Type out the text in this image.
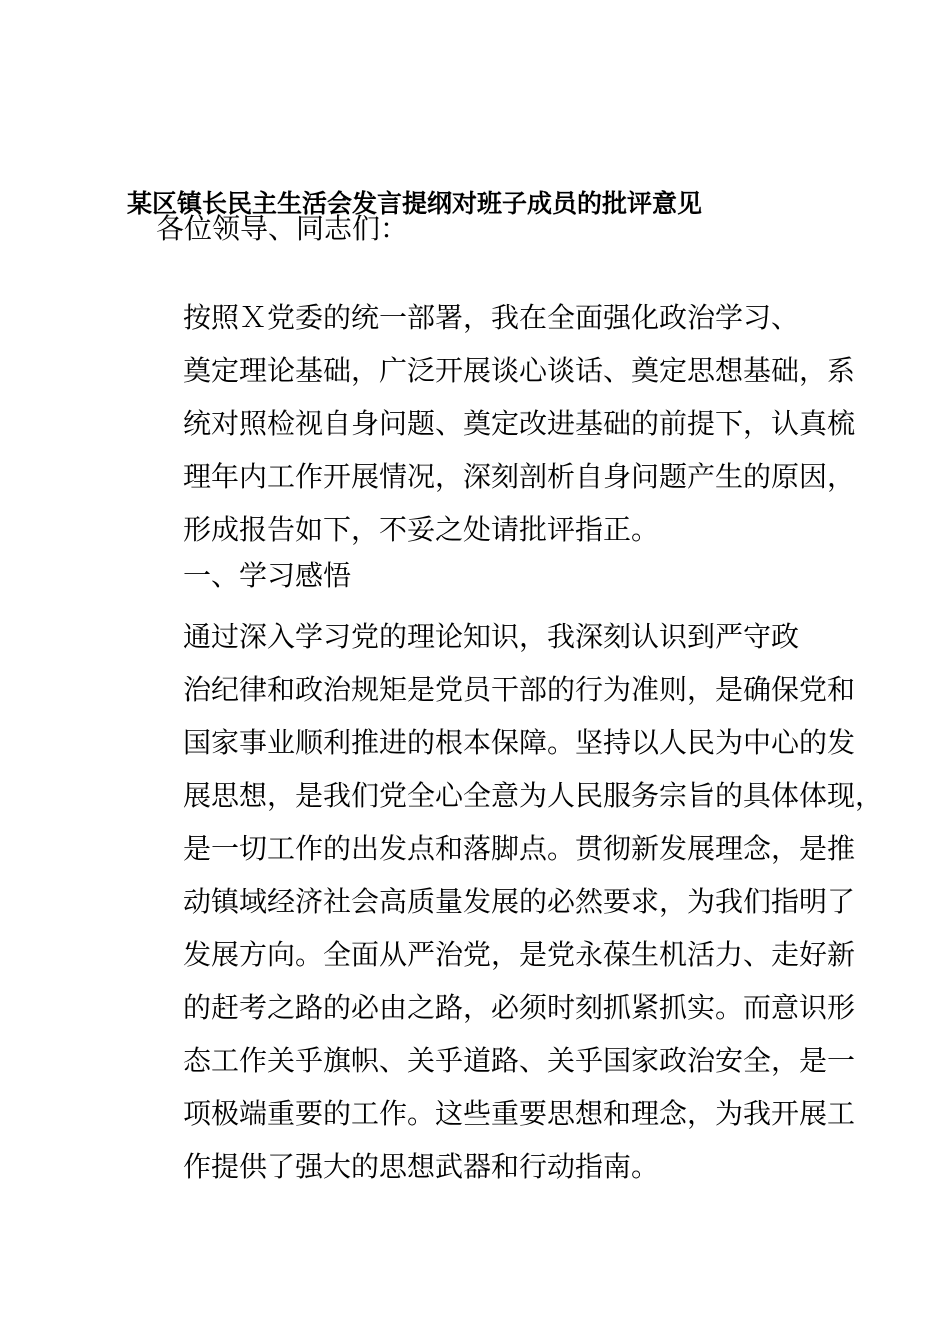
某区镇长民主生活会发言提纲对班子成员的批评意见

各位领导、同志们：

按照Ｘ党委的统一部署，我在全面强化政治学习、
奠定理论基础，广泛开展谈心谈话、奠定思想基础，系
统对照检视自身问题、奠定改进基础的前提下，认真梳
理年内工作开展情况，深刻剖析自身问题产生的原因，
形成报告如下，不妥之处请批评指正。

一、学习感悟

通过深入学习党的理论知识，我深刻认识到严守政
治纪律和政治规矩是党员干部的行为准则，是确保党和
国家事业顺利推进的根本保障。坚持以人民为中心的发
展思想，是我们党全心全意为人民服务宗旨的具体体现，
是一切工作的出发点和落脚点。贯彻新发展理念，是推
动镇域经济社会高质量发展的必然要求，为我们指明了
发展方向。全面从严治党，是党永葆生机活力、走好新
的赶考之路的必由之路，必须时刻抓紧抓实。而意识形
态工作关乎旗帜、关乎道路、关乎国家政治安全，是一
项极端重要的工作。这些重要思想和理念，为我开展工
作提供了强大的思想武器和行动指南。
